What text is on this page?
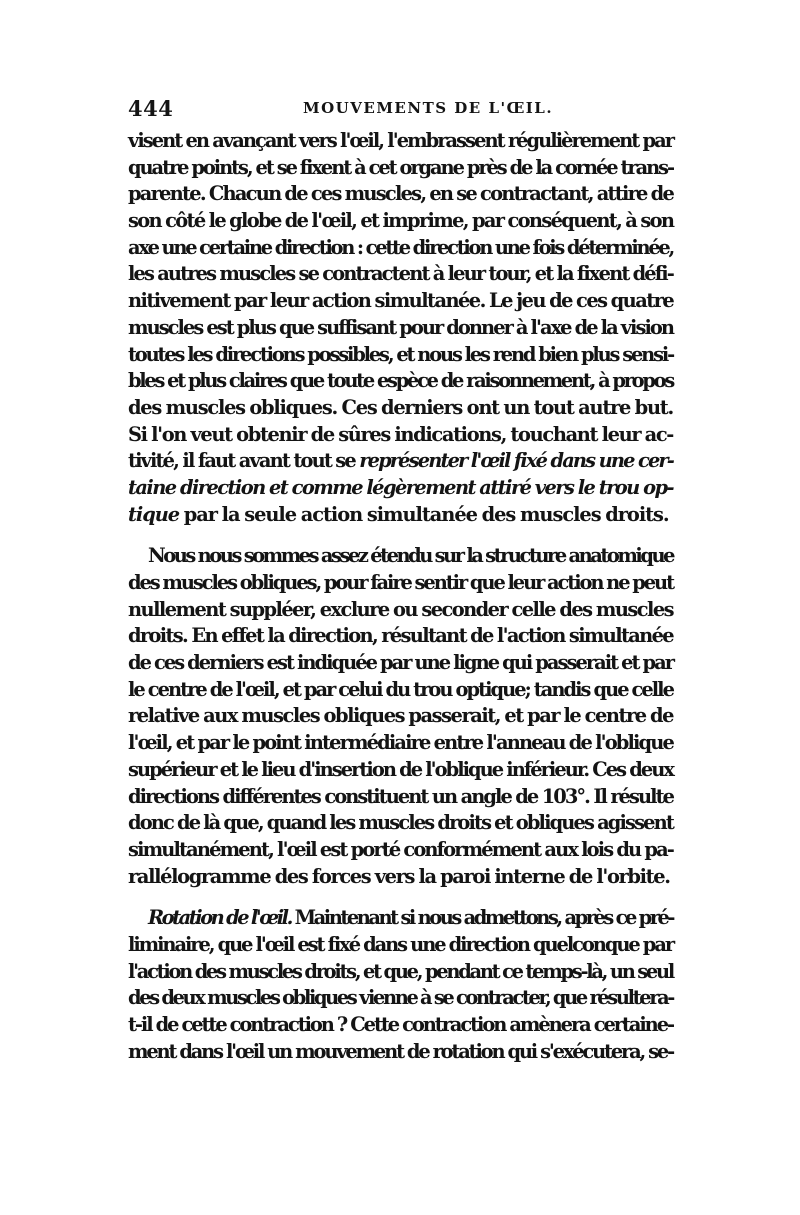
444	MOUVEMENTS DE L'ŒIL.
visent en avançant vers l'œil, l'embrassent régulièrement par
quatre points, et se fixent à cet organe près de la cornée trans-
parente. Chacun de ces muscles, en se contractant, attire de
son côté le globe de l'œil, et imprime, par conséquent, à son
axe une certaine direction : cette direction une fois déterminée,
les autres muscles se contractent à leur tour, et la fixent défi-
nitivement par leur action simultanée. Le jeu de ces quatre
muscles est plus que suffisant pour donner à l'axe de la vision
toutes les directions possibles, et nous les rend bien plus sensi-
bles et plus claires que toute espèce de raisonnement, à propos
des muscles obliques. Ces derniers ont un tout autre but.
Si l'on veut obtenir de sûres indications, touchant leur ac-
tivité, il faut avant tout se représenter l'œil fixé dans une cer-
taine direction et comme légèrement attiré vers le trou op-
tique par la seule action simultanée des muscles droits.
Nous nous sommes assez étendu sur la structure anatomique
des muscles obliques, pour faire sentir que leur action ne peut
nullement suppléer, exclure ou seconder celle des muscles
droits. En effet la direction, résultant de l'action simultanée
de ces derniers est indiquée par une ligne qui passerait et par
le centre de l'œil, et par celui du trou optique; tandis que celle
relative aux muscles obliques passerait, et par le centre de
l'œil, et par le point intermédiaire entre l'anneau de l'oblique
supérieur et le lieu d'insertion de l'oblique inférieur. Ces deux
directions différentes constituent un angle de 103°. Il résulte
donc de là que, quand les muscles droits et obliques agissent
simultanément, l'œil est porté conformément aux lois du pa-
rallélogramme des forces vers la paroi interne de l'orbite.
Rotation de l'œil. Maintenant si nous admettons, après ce pré-
liminaire, que l'œil est fixé dans une direction quelconque par
l'action des muscles droits, et que, pendant ce temps-là, un seul
des deux muscles obliques vienne à se contracter, que résultera-
t-il de cette contraction ? Cette contraction amènera certaine-
ment dans l'œil un mouvement de rotation qui s'exécutera, se-
